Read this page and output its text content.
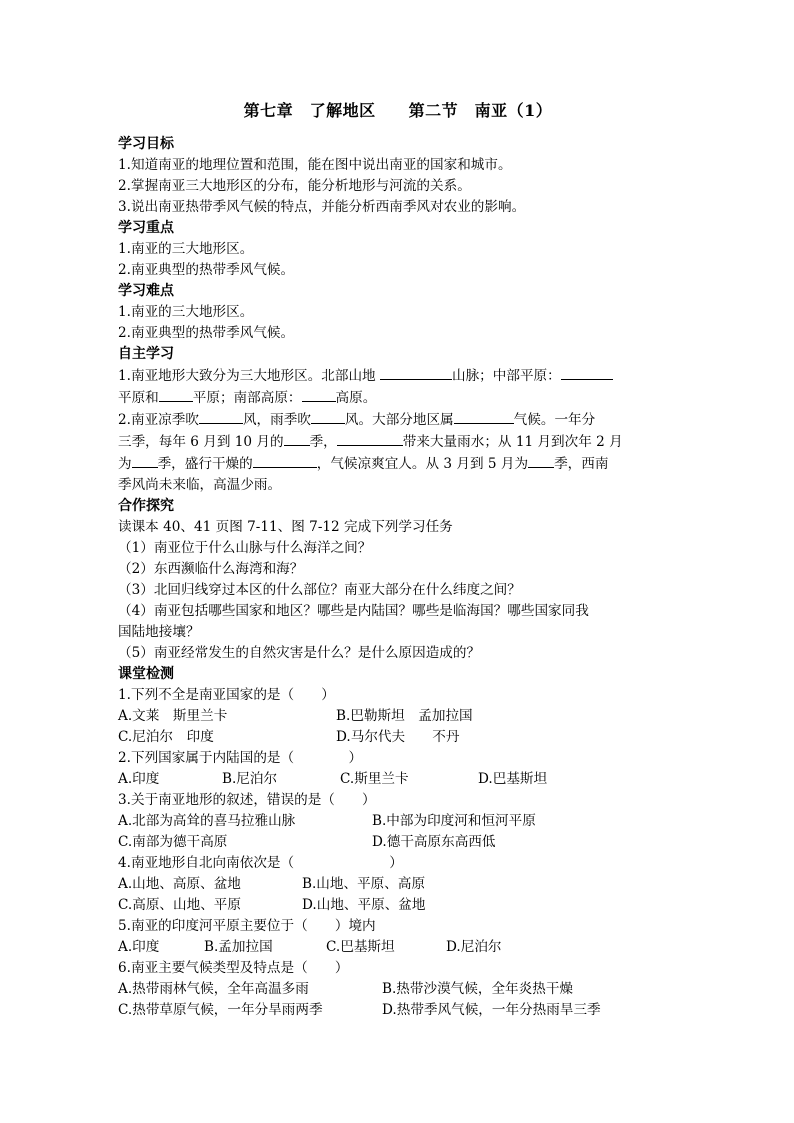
第七章　了解地区　　第二节　南亚（1）
学习目标
1.知道南亚的地理位置和范围，能在图中说出南亚的国家和城市。
2.掌握南亚三大地形区的分布，能分析地形与河流的关系。
3.说出南亚热带季风气候的特点，并能分析西南季风对农业的影响。
学习重点
1.南亚的三大地形区。
2.南亚典型的热带季风气候。
学习难点
1.南亚的三大地形区。
2.南亚典型的热带季风气候。
自主学习
1.南亚地形大致分为三大地形区。北部山地	山脉；中部平原：
平原和	平原；南部高原：	高原。
2.南亚凉季吹	风，雨季吹	风。大部分地区属	气候。一年分
三季，每年 6 月到 10 月的 季，	带来大量雨水；从 11 月到次年 2 月
为 季，盛行干燥的	，气候凉爽宜人。从 3 月到 5 月为 季，西南
季风尚未来临，高温少雨。
合作探究
读课本 40、41 页图 7-11、图 7-12 完成下列学习任务
（1）南亚位于什么山脉与什么海洋之间？
（2）东西濒临什么海湾和海？
（3）北回归线穿过本区的什么部位？南亚大部分在什么纬度之间？
（4）南亚包括哪些国家和地区？哪些是内陆国？哪些是临海国？哪些国家同我
国陆地接壤？
（5）南亚经常发生的自然灾害是什么？是什么原因造成的？
课堂检测
1.下列不全是南亚国家的是（　　）
A.文莱　斯里兰卡	B.巴勒斯坦　孟加拉国
C.尼泊尔　印度	D.马尔代夫　　不丹
2.下列国家属于内陆国的是（　　　　）
A.印度	B.尼泊尔	C.斯里兰卡	D.巴基斯坦
3.关于南亚地形的叙述，错误的是（　　）
A.北部为高耸的喜马拉雅山脉	B.中部为印度河和恒河平原
C.南部为德干高原	D.德干高原东高西低
4.南亚地形自北向南依次是（　　　　　　　）
A.山地、高原、盆地	B.山地、平原、高原
C.高原、山地、平原	D.山地、平原、盆地
5.南亚的印度河平原主要位于（　　）境内
A.印度	B.孟加拉国	C.巴基斯坦	D.尼泊尔
6.南亚主要气候类型及特点是（　　）
A.热带雨林气候，全年高温多雨	B.热带沙漠气候，全年炎热干燥
C.热带草原气候，一年分旱雨两季	D.热带季风气候，一年分热雨旱三季
